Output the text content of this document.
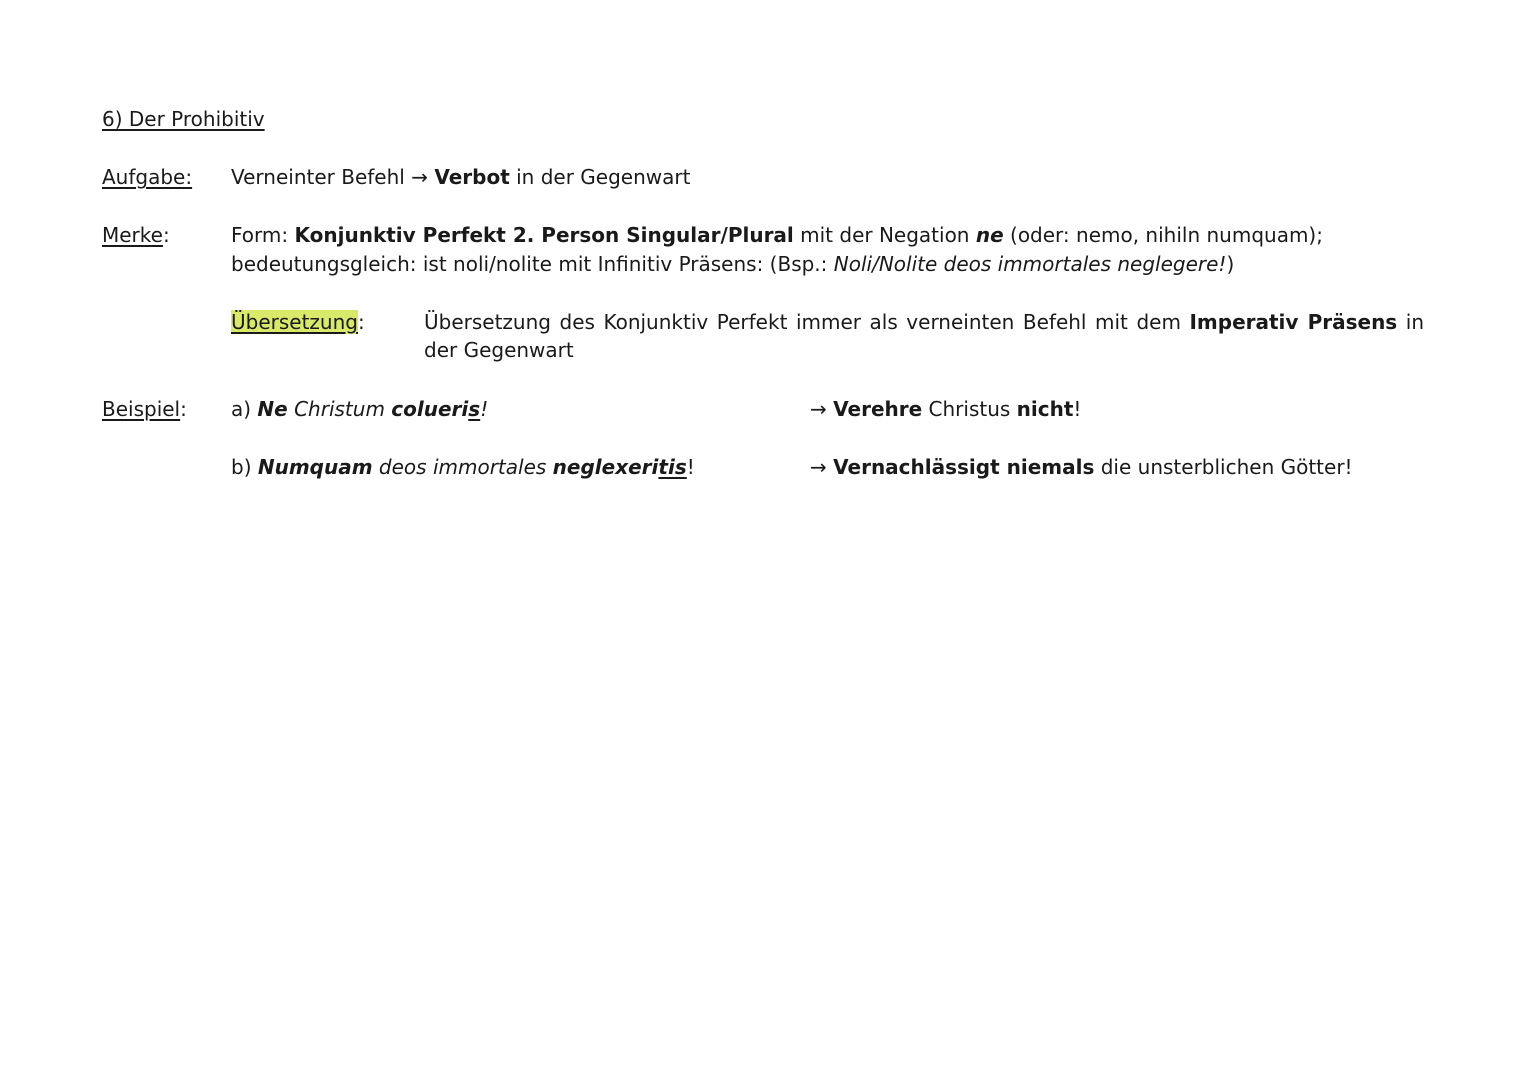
6) Der Prohibitiv
Aufgabe: Verneinter Befehl → Verbot in der Gegenwart
Merke:	Form: Konjunktiv Perfekt 2. Person Singular/Plural mit der Negation ne (oder: nemo, nihiln numquam);
bedeutungsgleich: ist noli/nolite mit Infinitiv Präsens: (Bsp.: Noli/Nolite deos immortales neglegere!)
Übersetzung:	Übersetzung des Konjunktiv Perfekt immer als verneinten Befehl mit dem Imperativ Präsens in der Gegenwart
Beispiel: a) Ne Christum colueris!	→ Verehre Christus nicht!
b) Numquam deos immortales neglexeritis!	→ Vernachlässigt niemals die unsterblichen Götter!
